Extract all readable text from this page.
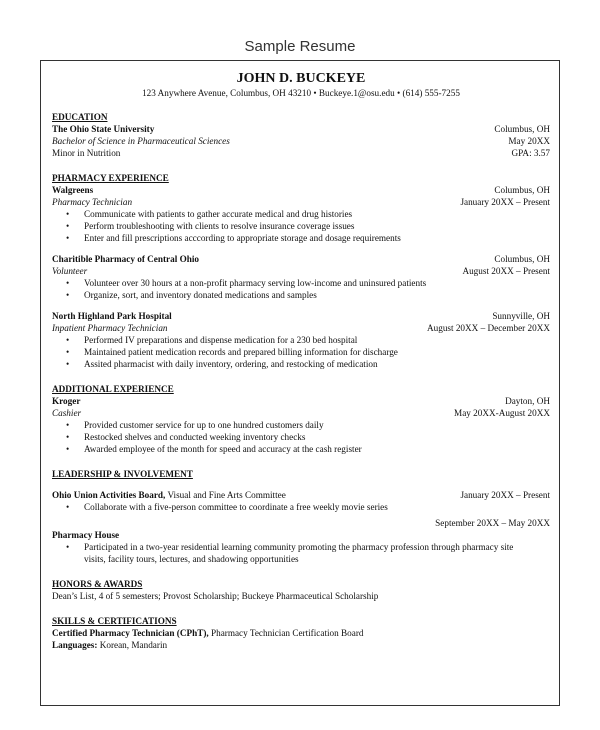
Sample Resume
JOHN D. BUCKEYE
123 Anywhere Avenue, Columbus, OH 43210 • Buckeye.1@osu.edu • (614) 555-7255
EDUCATION
The Ohio State University	Columbus, OH
Bachelor of Science in Pharmaceutical Sciences	May 20XX
Minor in Nutrition	GPA: 3.57
PHARMACY EXPERIENCE
Walgreens	Columbus, OH
Pharmacy Technician	January 20XX – Present
• Communicate with patients to gather accurate medical and drug histories
• Perform troubleshooting with clients to resolve insurance coverage issues
• Enter and fill prescriptions acccording to appropriate storage and dosage requirements
Charitible Pharmacy of Central Ohio	Columbus, OH
Volunteer	August 20XX – Present
• Volunteer over 30 hours at a non-profit pharmacy serving low-income and uninsured patients
• Organize, sort, and inventory donated medications and samples
North Highland Park Hospital	Sunnyville, OH
Inpatient Pharmacy Technician	August 20XX – December 20XX
• Performed IV preparations and dispense medication for a 230 bed hospital
• Maintained patient medication records and prepared billing information for discharge
• Assited pharmacist with daily inventory, ordering, and restocking of medication
ADDITIONAL EXPERIENCE
Kroger	Dayton, OH
Cashier	May 20XX-August 20XX
• Provided customer service for up to one hundred customers daily
• Restocked shelves and conducted weeking inventory checks
• Awarded employee of the month for speed and accuracy at the cash register
LEADERSHIP & INVOLVEMENT
Ohio Union Activities Board, Visual and Fine Arts Committee	January 20XX – Present
• Collaborate with a five-person committee to coordinate a free weekly movie series
September 20XX – May 20XX
Pharmacy House
• Participated in a two-year residential learning community promoting the pharmacy profession through pharmacy site
visits, facility tours, lectures, and shadowing opportunities
HONORS & AWARDS
Dean’s List, 4 of 5 semesters; Provost Scholarship; Buckeye Pharmaceutical Scholarship
SKILLS & CERTIFICATIONS
Certified Pharmacy Technician (CPhT), Pharmacy Technician Certification Board
Languages: Korean, Mandarin
